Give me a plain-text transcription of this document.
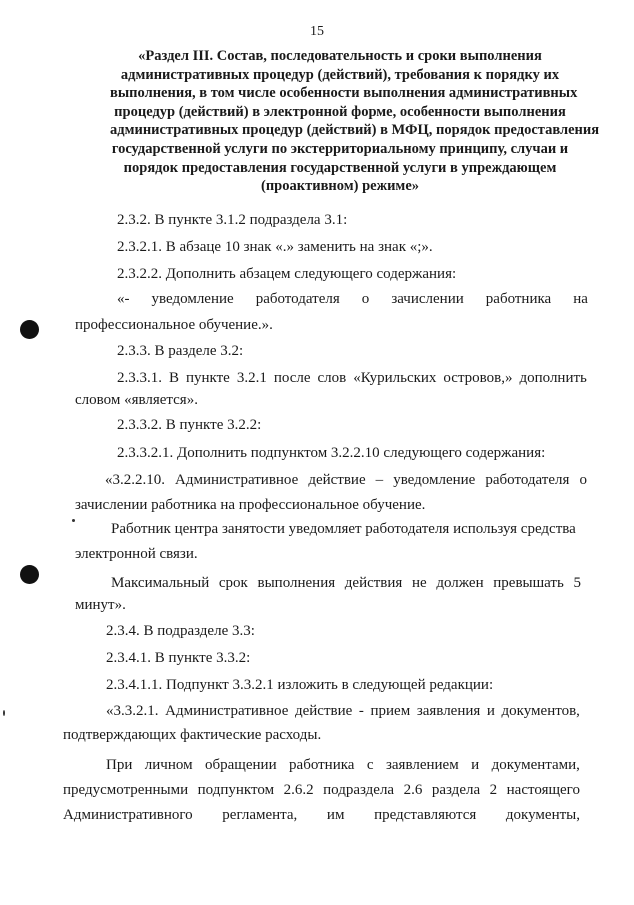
15
«Раздел III. Состав, последовательность и сроки выполнения
административных процедур (действий), требования к порядку их
выполнения, в том числе особенности выполнения административных
процедур (действий) в электронной форме, особенности выполнения
административных процедур (действий) в МФЦ, порядок предоставления
государственной услуги по экстерриториальному принципу, случаи и
порядок предоставления государственной услуги в упреждающем
(проактивном) режиме»
2.3.2. В пункте 3.1.2 подраздела 3.1:
2.3.2.1. В абзаце 10 знак «.» заменить на знак «;».
2.3.2.2. Дополнить абзацем следующего содержания:
«- уведомление работодателя о зачислении работника на
профессиональное обучение.».
2.3.3. В разделе 3.2:
2.3.3.1. В пункте 3.2.1 после слов «Курильских островов,» дополнить
словом «является».
2.3.3.2. В пункте 3.2.2:
2.3.3.2.1. Дополнить подпунктом 3.2.2.10 следующего содержания:
«3.2.2.10. Административное действие – уведомление работодателя о
зачислении работника на профессиональное обучение.
Работник центра занятости уведомляет работодателя используя средства
электронной связи.
Максимальный срок выполнения действия не должен превышать 5
минут».
2.3.4. В подразделе 3.3:
2.3.4.1. В пункте 3.3.2:
2.3.4.1.1. Подпункт 3.3.2.1 изложить в следующей редакции:
«3.3.2.1. Административное действие - прием заявления и документов,
подтверждающих фактические расходы.
При личном обращении работника с заявлением и документами,
предусмотренными подпунктом 2.6.2 подраздела 2.6 раздела 2 настоящего
Административного регламента, им представляются документы,
